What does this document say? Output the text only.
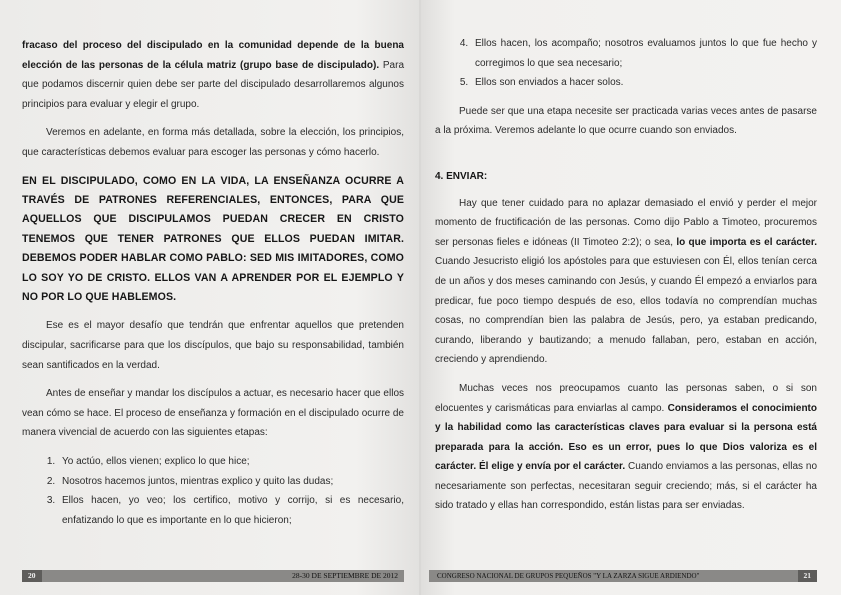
fracaso del proceso del discipulado en la comunidad depende de la buena elección de las personas de la célula matriz (grupo base de discipulado). Para que podamos discernir quien debe ser parte del discipulado desarrollaremos algunos principios para evaluar y elegir el grupo.

Veremos en adelante, en forma más detallada, sobre la elección, los principios, que características debemos evaluar para escoger las personas y cómo hacerlo.

EN EL DISCIPULADO, COMO EN LA VIDA, LA ENSEÑANZA OCURRE A TRAVÉS DE PATRONES REFERENCIALES, ENTONCES, PARA QUE AQUELLOS QUE DISCIPULAMOS PUEDAN CRECER EN CRISTO TENEMOS QUE TENER PATRONES QUE ELLOS PUEDAN IMITAR. DEBEMOS PODER HABLAR COMO PABLO: SED MIS IMITADORES, COMO LO SOY YO DE CRISTO. ELLOS VAN A APRENDER POR EL EJEMPLO Y NO POR LO QUE HABLEMOS.

Ese es el mayor desafío que tendrán que enfrentar aquellos que pretenden discipular, sacrificarse para que los discípulos, que bajo su responsabilidad, también sean santificados en la verdad.

Antes de enseñar y mandar los discípulos a actuar, es necesario hacer que ellos vean cómo se hace. El proceso de enseñanza y formación en el discipulado ocurre de manera vivencial de acuerdo con las siguientes etapas:

1. Yo actúo, ellos vienen; explico lo que hice;
2. Nosotros hacemos juntos, mientras explico y quito las dudas;
3. Ellos hacen, yo veo; los certifico, motivo y corrijo, si es necesario, enfatizando lo que es importante en lo que hicieron;
20	28-30 DE SEPTIEMBRE DE 2012
4. Ellos hacen, los acompaño; nosotros evaluamos juntos lo que fue hecho y corregimos lo que sea necesario;
5. Ellos son enviados a hacer solos.

Puede ser que una etapa necesite ser practicada varias veces antes de pasarse a la próxima. Veremos adelante lo que ocurre cuando son enviados.

4. ENVIAR:

Hay que tener cuidado para no aplazar demasiado el envió y perder el mejor momento de fructificación de las personas. Como dijo Pablo a Timoteo, procuremos ser personas fieles e idóneas (II Timoteo 2:2); o sea, lo que importa es el carácter. Cuando Jesucristo eligió los apóstoles para que estuviesen con Él, ellos tenían cerca de un años y dos meses caminando con Jesús, y cuando Él empezó a enviarlos para predicar, fue poco tiempo después de eso, ellos todavía no comprendían muchas cosas, no comprendían bien las palabra de Jesús, pero, ya estaban predicando, curando, liberando y bautizando; a menudo fallaban, pero, estaban en acción, creciendo y aprendiendo.

Muchas veces nos preocupamos cuanto las personas saben, o si son elocuentes y carismáticas para enviarlas al campo. Consideramos el conocimiento y la habilidad como las características claves para evaluar si la persona está preparada para la acción. Eso es un error, pues lo que Dios valoriza es el carácter. Él elige y envía por el carácter. Cuando enviamos a las personas, ellas no necesariamente son perfectas, necesitaran seguir creciendo; más, si el carácter ha sido tratado y ellas han correspondido, están listas para ser enviadas.

CONGRESO NACIONAL DE GRUPOS PEQUEÑOS "Y LA ZARZA SIGUE ARDIENDO"	21
